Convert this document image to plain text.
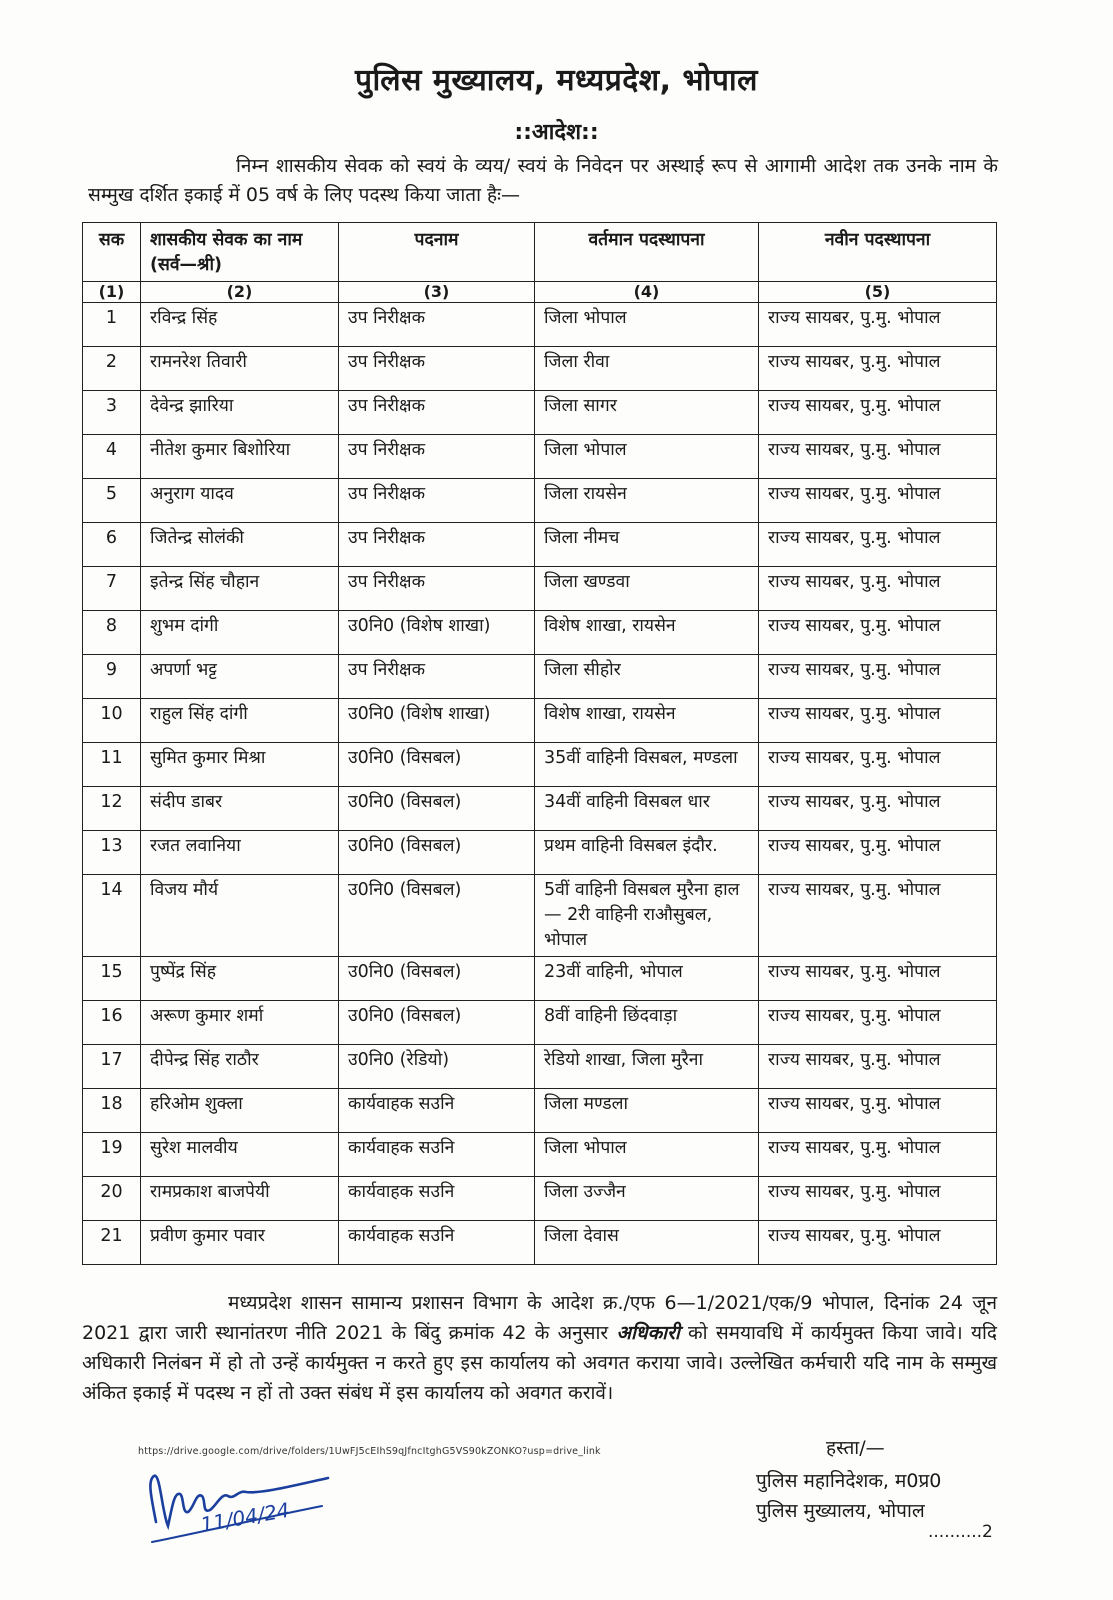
पुलिस मुख्यालय, मध्यप्रदेश, भोपाल
::आदेश::
निम्न शासकीय सेवक को स्वयं के व्यय/ स्वयं के निवेदन पर अस्थाई रूप से आगामी आदेश तक उनके नाम के सम्मुख दर्शित इकाई में 05 वर्ष के लिए पदस्थ किया जाता हैः—
सक	शासकीय सेवक का नाम (सर्व—श्री)	पदनाम	वर्तमान पदस्थापना	नवीन पदस्थापना
(1)	(2)	(3)	(4)	(5)
1	रविन्द्र सिंह	उप निरीक्षक	जिला भोपाल	राज्य सायबर, पु.मु. भोपाल
2	रामनरेश तिवारी	उप निरीक्षक	जिला रीवा	राज्य सायबर, पु.मु. भोपाल
3	देवेन्द्र झारिया	उप निरीक्षक	जिला सागर	राज्य सायबर, पु.मु. भोपाल
4	नीतेश कुमार बिशोरिया	उप निरीक्षक	जिला भोपाल	राज्य सायबर, पु.मु. भोपाल
5	अनुराग यादव	उप निरीक्षक	जिला रायसेन	राज्य सायबर, पु.मु. भोपाल
6	जितेन्द्र सोलंकी	उप निरीक्षक	जिला नीमच	राज्य सायबर, पु.मु. भोपाल
7	इतेन्द्र सिंह चौहान	उप निरीक्षक	जिला खण्डवा	राज्य सायबर, पु.मु. भोपाल
8	शुभम दांगी	उ0नि0 (विशेष शाखा)	विशेष शाखा, रायसेन	राज्य सायबर, पु.मु. भोपाल
9	अपर्णा भट्ट	उप निरीक्षक	जिला सीहोर	राज्य सायबर, पु.मु. भोपाल
10	राहुल सिंह दांगी	उ0नि0 (विशेष शाखा)	विशेष शाखा, रायसेन	राज्य सायबर, पु.मु. भोपाल
11	सुमित कुमार मिश्रा	उ0नि0 (विसबल)	35वीं वाहिनी विसबल, मण्डला	राज्य सायबर, पु.मु. भोपाल
12	संदीप डाबर	उ0नि0 (विसबल)	34वीं वाहिनी विसबल धार	राज्य सायबर, पु.मु. भोपाल
13	रजत लवानिया	उ0नि0 (विसबल)	प्रथम वाहिनी विसबल इंदौर.	राज्य सायबर, पु.मु. भोपाल
14	विजय मौर्य	उ0नि0 (विसबल)	5वीं वाहिनी विसबल मुरैना हाल— 2री वाहिनी राऔसुबल, भोपाल	राज्य सायबर, पु.मु. भोपाल
15	पुष्पेंद्र सिंह	उ0नि0 (विसबल)	23वीं वाहिनी, भोपाल	राज्य सायबर, पु.मु. भोपाल
16	अरूण कुमार शर्मा	उ0नि0 (विसबल)	8वीं वाहिनी छिंदवाड़ा	राज्य सायबर, पु.मु. भोपाल
17	दीपेन्द्र सिंह राठौर	उ0नि0 (रेडियो)	रेडियो शाखा, जिला मुरैना	राज्य सायबर, पु.मु. भोपाल
18	हरिओम शुक्ला	कार्यवाहक सउनि	जिला मण्डला	राज्य सायबर, पु.मु. भोपाल
19	सुरेश मालवीय	कार्यवाहक सउनि	जिला भोपाल	राज्य सायबर, पु.मु. भोपाल
20	रामप्रकाश बाजपेयी	कार्यवाहक सउनि	जिला उज्जैन	राज्य सायबर, पु.मु. भोपाल
21	प्रवीण कुमार पवार	कार्यवाहक सउनि	जिला देवास	राज्य सायबर, पु.मु. भोपाल
मध्यप्रदेश शासन सामान्य प्रशासन विभाग के आदेश क्र./एफ 6—1/2021/एक/9 भोपाल, दिनांक 24 जून 2021 द्वारा जारी स्थानांतरण नीति 2021 के बिंदु क्रमांक 42 के अनुसार अधिकारी को समयावधि में कार्यमुक्त किया जावे। यदि अधिकारी निलंबन में हो तो उन्हें कार्यमुक्त न करते हुए इस कार्यालय को अवगत कराया जावे। उल्लेखित कर्मचारी यदि नाम के सम्मुख अंकित इकाई में पदस्थ न हों तो उक्त संबंध में इस कार्यालय को अवगत करावें।
https://drive.google.com/drive/folders/1UwFJ5cEIhS9qJfncItghG5VS90kZONKO?usp=drive_link
11/04/24
हस्ता/—
पुलिस महानिदेशक, म0प्र0
पुलिस मुख्यालय, भोपाल
..........2
